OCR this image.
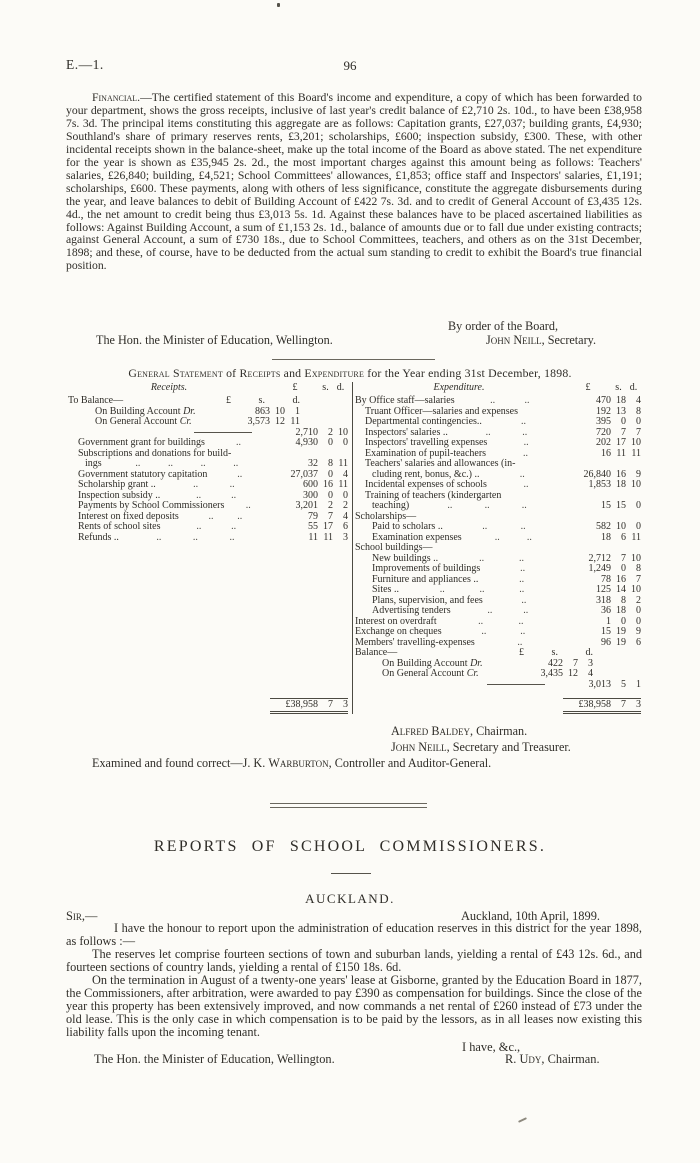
E.—1.	96

Financial.—The certified statement of this Board's income and expenditure, a copy of which has been forwarded to your department, shows the gross receipts, inclusive of last year's credit balance of £2,710 2s. 10d., to have been £38,958 7s. 3d. The principal items constituting this aggregate are as follows: Capitation grants, £27,037; building grants, £4,930; Southland's share of primary reserves rents, £3,201; scholarships, £600; inspection subsidy, £300. These, with other incidental receipts shown in the balance-sheet, make up the total income of the Board as above stated. The net expenditure for the year is shown as £35,945 2s. 2d., the most important charges against this amount being as follows: Teachers' salaries, £26,840; building, £4,521; School Committees' allowances, £1,853; office staff and Inspectors' salaries, £1,191; scholarships, £600. These payments, along with others of less significance, constitute the aggregate disbursements during the year, and leave balances to debit of Building Account of £422 7s. 3d. and to credit of General Account of £3,435 12s. 4d., the net amount to credit being thus £3,013 5s. 1d. Against these balances have to be placed ascertained liabilities as follows: Against Building Account, a sum of £1,153 2s. 1d., balance of amounts due or to fall due under existing contracts; against General Account, a sum of £730 18s., due to School Committees, teachers, and others as on the 31st December, 1898; and these, of course, have to be deducted from the actual sum standing to credit to exhibit the Board's true financial position.

By order of the Board,
The Hon. the Minister of Education, Wellington.	John Neill, Secretary.
General Statement of Receipts and Expenditure for the Year ending 31st December, 1898.
Receipts.	£	s. d.
To Balance—	£	s.	d.
On Building Account Dr.	863 10	1
On General Account Cr.	3,573 12 11
2,710	2 10
Government grant for buildings	..	4,930	0	0
Subscriptions and donations for build-
ings	..	..	..	..	32	8 11
Government statutory capitation	..	27,037	0	4
Scholarship grant ..	..	..	600 16 11
Inspection subsidy ..	..	..	300	0	0
Payments by School Commissioners ..	3,201	2	2
Interest on fixed deposits	.. ..	79	7	4
Rents of school sites	..	..	55 17	6
Refunds ..	..	..	..	11 11	3
£38,958	7	3
Expenditure.	£	s. d.
By Office staff—salaries	..	..	470 18	4
Truant Officer—salaries and expenses	192 13	8
Departmental contingencies..	..	395	0	0
Inspectors' salaries ..	..	..	720	7	7
Inspectors' travelling expenses	..	202 17 10
Examination of pupil-teachers	..	16 11 11
Teachers' salaries and allowances (in-
cluding rent, bonus, &c.) ..	..	26,840 16	9
Incidental expenses of schools	..	1,853 18 10
Training of teachers (kindergarten
teaching)	..	..	..	15 15	0
Scholarships—
Paid to scholars ..	..	..	582 10	0
Examination expenses	..	..	18	6 11
School buildings—
New buildings ..	..	..	2,712	7 10
Improvements of buildings	..	1,249	0	8
Furniture and appliances ..	..	78 16	7
Sites ..	..	..	..	125 14 10
Plans, supervision, and fees	..	318	8	2
Advertising tenders	..	..	36 18	0
Interest on overdraft	..	..	1	0	0
Exchange on cheques	..	..	15 19	9
Members' travelling-expenses	..	96 19	6
Balance—	£	s.	d.
On Building Account Dr.	422	7	3
On General Account Cr.	3,435 12	4
3,013	5	1
£38,958	7	3
Alfred Baldey, Chairman.
John Neill, Secretary and Treasurer.
Examined and found correct—J. K. Warburton, Controller and Auditor-General.
REPORTS OF SCHOOL COMMISSIONERS.
AUCKLAND.
Sir,—	Auckland, 10th April, 1899.

I have the honour to report upon the administration of education reserves in this district for the year 1898, as follows :—

The reserves let comprise fourteen sections of town and suburban lands, yielding a rental of £43 12s. 6d., and fourteen sections of country lands, yielding a rental of £150 18s. 6d.

On the termination in August of a twenty-one years' lease at Gisborne, granted by the Education Board in 1877, the Commissioners, after arbitration, were awarded to pay £390 as compensation for buildings. Since the close of the year this property has been extensively improved, and now commands a net rental of £260 instead of £73 under the old lease. This is the only case in which compensation is to be paid by the lessors, as in all leases now existing this liability falls upon the incoming tenant.

I have, &c.,
The Hon. the Minister of Education, Wellington.	R. Udy, Chairman.
